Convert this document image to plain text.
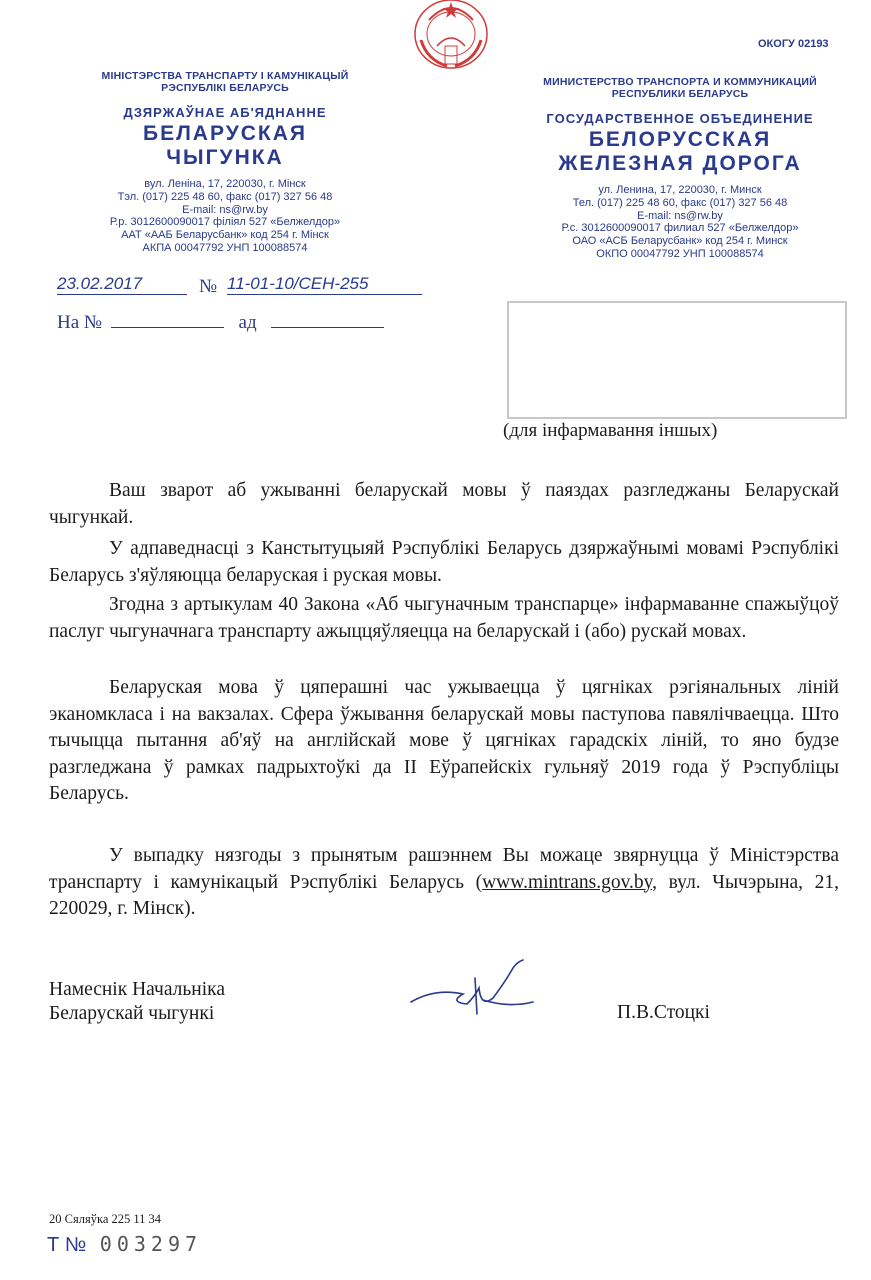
ОКОГУ 02193
МІНІСТЭРСТВА ТРАНСПАРТУ І КАМУНІКАЦЫЙ
РЭСПУБЛІКІ БЕЛАРУСЬ
ДЗЯРЖАЎНАЕ АБ'ЯДНАННЕ
БЕЛАРУСКАЯ
ЧЫГУНКА
вул. Леніна, 17, 220030, г. Мінск
Тэл. (017) 225 48 60, факс (017) 327 56 48
E-mail: ns@rw.by
Р.р. 3012600090017 філіял 527 «Белжелдор»
ААТ «ААБ Беларусбанк» код 254 г. Мінск
АКПА 00047792 УНП 100088574
МИНИСТЕРСТВО ТРАНСПОРТА И КОММУНИКАЦИЙ
РЕСПУБЛИКИ БЕЛАРУСЬ
ГОСУДАРСТВЕННОЕ ОБЪЕДИНЕНИЕ
БЕЛОРУССКАЯ
ЖЕЛЕЗНАЯ ДОРОГА
ул. Ленина, 17, 220030, г. Минск
Тел. (017) 225 48 60, факс (017) 327 56 48
E-mail: ns@rw.by
Р.с. 3012600090017 филиал 527 «Белжелдор»
ОАО «АСБ Беларусбанк» код 254 г. Минск
ОКПО 00047792 УНП 100088574
23.02.2017	№ 11-01-10/СЕН-255
На №	ад
(для інфармавання іншых)
Ваш зварот аб ужыванні беларускай мовы ў паяздах разгледжаны Беларускай чыгункай.
У адпаведнасці з Канстытуцыяй Рэспублікі Беларусь дзяржаўнымі мовамі Рэспублікі Беларусь з'яўляюцца беларуская і руская мовы.
Згодна з артыкулам 40 Закона «Аб чыгуначным транспарце» інфармаванне спажыўцоў паслуг чыгуначнага транспарту ажыццяўляецца на беларускай і (або) рускай мовах.
Беларуская мова ў цяперашні час ужываецца ў цягніках рэгіянальных ліній эканомкласа і на вакзалах. Сфера ўжывання беларускай мовы паступова павялічваецца. Што тычыцца пытання аб'яў на англійскай мове ў цягніках гарадскіх ліній, то яно будзе разгледжана ў рамках падрыхтоўкі да ІІ Еўрапейскіх гульняў 2019 года ў Рэспубліцы Беларусь.
У выпадку нязгоды з прынятым рашэннем Вы можаце звярнуцца ў Міністэрства транспарту і камунікацый Рэспублікі Беларусь (www.mintrans.gov.by, вул. Чычэрына, 21, 220029, г. Мінск).
Намеснік Начальніка
Беларускай чыгункі	П.В.Стоцкі
20 Сяляўка 225 11 34
Т № 003297
